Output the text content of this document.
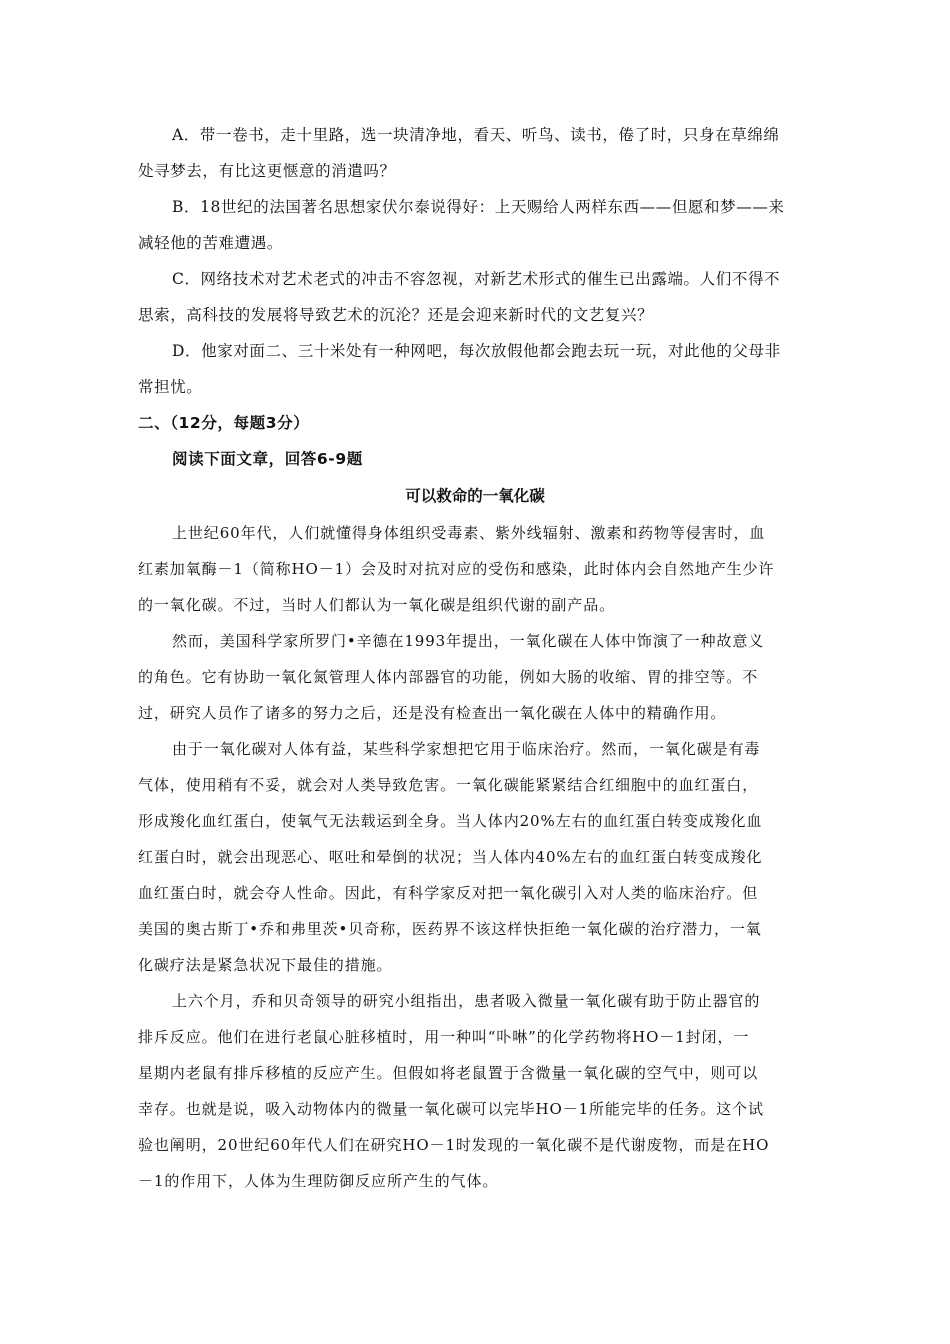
A．带一卷书，走十里路，选一块清净地，看天、听鸟、读书，倦了时，只身在草绵绵
处寻梦去，有比这更惬意的消遣吗？
B．18世纪的法国著名思想家伏尔泰说得好：上天赐给人两样东西——但愿和梦——来
减轻他的苦难遭遇。
C．网络技术对艺术老式的冲击不容忽视，对新艺术形式的催生已出露端。人们不得不
思索，高科技的发展将导致艺术的沉沦？还是会迎来新时代的文艺复兴？
D．他家对面二、三十米处有一种网吧，每次放假他都会跑去玩一玩，对此他的父母非
常担忧。
二、（12分，每题3分）
阅读下面文章，回答6-9题
可以救命的一氧化碳
上世纪60年代，人们就懂得身体组织受毒素、紫外线辐射、激素和药物等侵害时，血
红素加氧酶－1（简称HO－1）会及时对抗对应的受伤和感染，此时体内会自然地产生少许
的一氧化碳。不过，当时人们都认为一氧化碳是组织代谢的副产品。
然而，美国科学家所罗门•辛德在1993年提出，一氧化碳在人体中饰演了一种故意义
的角色。它有协助一氧化氮管理人体内部器官的功能，例如大肠的收缩、胃的排空等。不
过，研究人员作了诸多的努力之后，还是没有检查出一氧化碳在人体中的精确作用。
由于一氧化碳对人体有益，某些科学家想把它用于临床治疗。然而，一氧化碳是有毒
气体，使用稍有不妥，就会对人类导致危害。一氧化碳能紧紧结合红细胞中的血红蛋白，
形成羧化血红蛋白，使氧气无法载运到全身。当人体内20%左右的血红蛋白转变成羧化血
红蛋白时，就会出现恶心、呕吐和晕倒的状况；当人体内40%左右的血红蛋白转变成羧化
血红蛋白时，就会夺人性命。因此，有科学家反对把一氧化碳引入对人类的临床治疗。但
美国的奥古斯丁•乔和弗里茨•贝奇称，医药界不该这样快拒绝一氧化碳的治疗潜力，一氧
化碳疗法是紧急状况下最佳的措施。
上六个月，乔和贝奇领导的研究小组指出，患者吸入微量一氧化碳有助于防止器官的
排斥反应。他们在进行老鼠心脏移植时，用一种叫“卟啉”的化学药物将HO－1封闭，一
星期内老鼠有排斥移植的反应产生。但假如将老鼠置于含微量一氧化碳的空气中，则可以
幸存。也就是说，吸入动物体内的微量一氧化碳可以完毕HO－1所能完毕的任务。这个试
验也阐明，20世纪60年代人们在研究HO－1时发现的一氧化碳不是代谢废物，而是在HO
－1的作用下，人体为生理防御反应所产生的气体。
